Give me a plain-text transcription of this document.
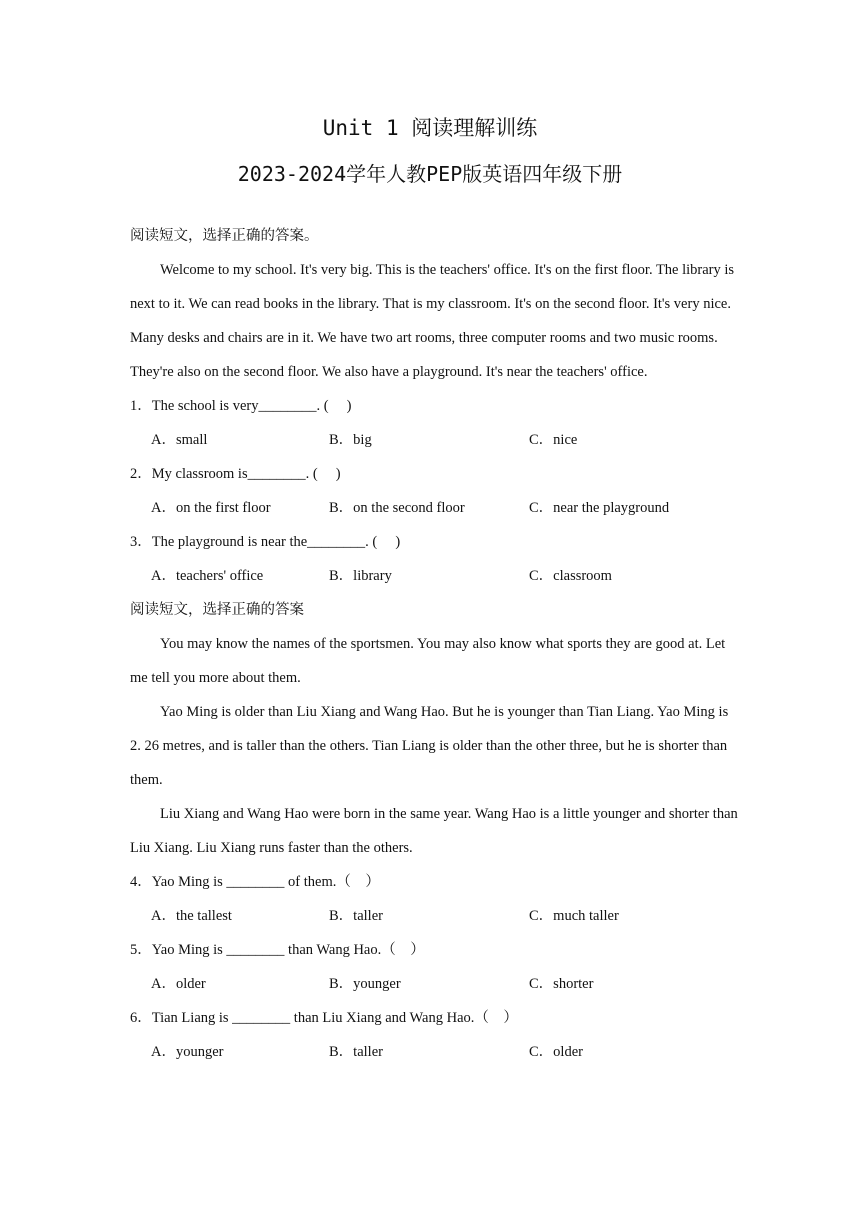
Unit 1 阅读理解训练
2023-2024学年人教PEP版英语四年级下册

阅读短文，选择正确的答案。

Welcome to my school. It's very big. This is the teachers' office. It's on the first floor. The library is next to it. We can read books in the library. That is my classroom. It's on the second floor. It's very nice. Many desks and chairs are in it. We have two art rooms, three computer rooms and two music rooms. They're also on the second floor. We also have a playground. It's near the teachers' office.

1．The school is very________. (　 )

A．small	B．big	C．nice

2．My classroom is________. (　 )

A．on the first floor	B．on the second floor	C．near the playground

3．The playground is near the________. (　 )

A．teachers' office	B．library	C．classroom

阅读短文，选择正确的答案

You may know the names of the sportsmen. You may also know what sports they are good at. Let me tell you more about them.

Yao Ming is older than Liu Xiang and Wang Hao. But he is younger than Tian Liang. Yao Ming is 2. 26 metres, and is taller than the others. Tian Liang is older than the other three, but he is shorter than them.

Liu Xiang and Wang Hao were born in the same year. Wang Hao is a little younger and shorter than Liu Xiang. Liu Xiang runs faster than the others.

4．Yao Ming is ________ of them.（　）

A．the tallest	B．taller	C．much taller

5．Yao Ming is ________ than Wang Hao.（　）

A．older	B．younger	C．shorter

6．Tian Liang is ________ than Liu Xiang and Wang Hao.（　）

A．younger	B．taller	C．older
